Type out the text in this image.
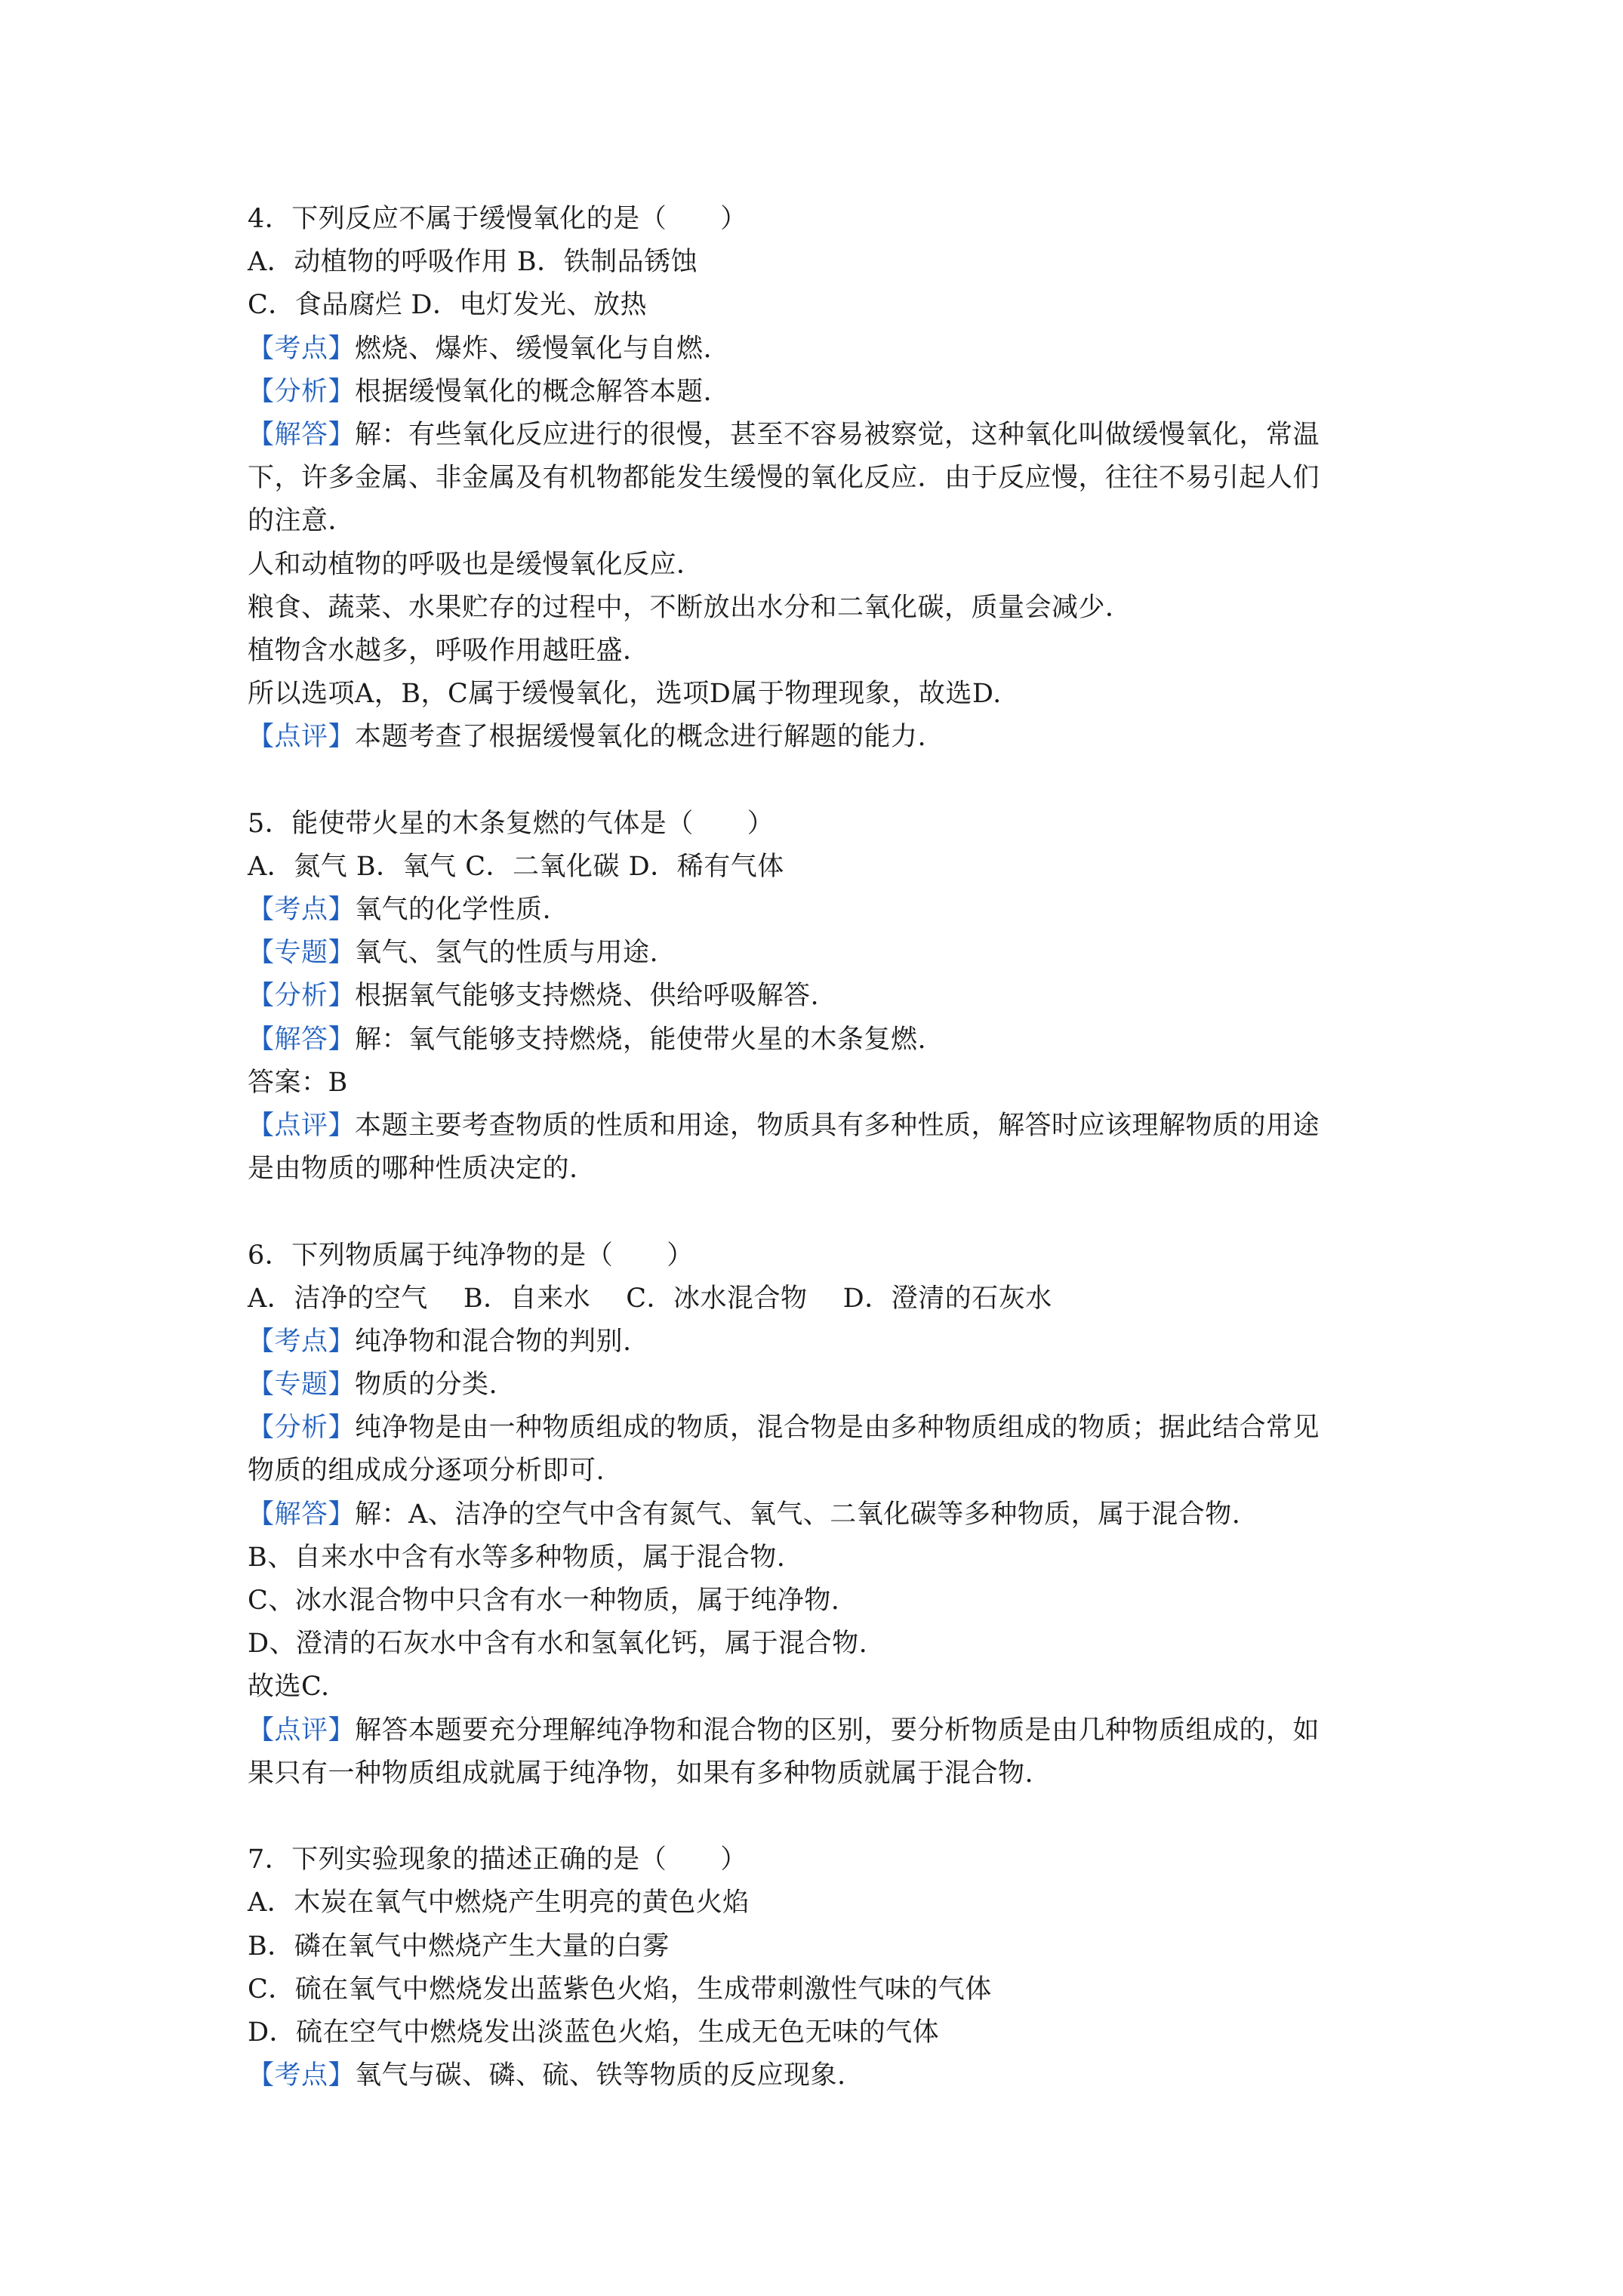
4．下列反应不属于缓慢氧化的是（　　）
A．动植物的呼吸作用 B．铁制品锈蚀
C．食品腐烂 D．电灯发光、放热
【考点】燃烧、爆炸、缓慢氧化与自燃.
【分析】根据缓慢氧化的概念解答本题.
【解答】解：有些氧化反应进行的很慢，甚至不容易被察觉，这种氧化叫做缓慢氧化，常温
下，许多金属、非金属及有机物都能发生缓慢的氧化反应．由于反应慢，往往不易引起人们
的注意．
人和动植物的呼吸也是缓慢氧化反应．
粮食、蔬菜、水果贮存的过程中，不断放出水分和二氧化碳，质量会减少．
植物含水越多，呼吸作用越旺盛．
所以选项A，B，C属于缓慢氧化，选项D属于物理现象，故选D.
【点评】本题考查了根据缓慢氧化的概念进行解题的能力.
5．能使带火星的木条复燃的气体是（　　）
A．氮气 B．氧气 C．二氧化碳 D．稀有气体
【考点】氧气的化学性质.
【专题】氧气、氢气的性质与用途.
【分析】根据氧气能够支持燃烧、供给呼吸解答.
【解答】解：氧气能够支持燃烧，能使带火星的木条复燃.
答案：B
【点评】本题主要考查物质的性质和用途，物质具有多种性质，解答时应该理解物质的用途
是由物质的哪种性质决定的.
6．下列物质属于纯净物的是（　　）
A．洁净的空气　 B．自来水　 C．冰水混合物　 D．澄清的石灰水
【考点】纯净物和混合物的判别.
【专题】物质的分类.
【分析】纯净物是由一种物质组成的物质，混合物是由多种物质组成的物质；据此结合常见
物质的组成成分逐项分析即可.
【解答】解：A、洁净的空气中含有氮气、氧气、二氧化碳等多种物质，属于混合物.
B、自来水中含有水等多种物质，属于混合物.
C、冰水混合物中只含有水一种物质，属于纯净物.
D、澄清的石灰水中含有水和氢氧化钙，属于混合物.
故选C.
【点评】解答本题要充分理解纯净物和混合物的区别，要分析物质是由几种物质组成的，如
果只有一种物质组成就属于纯净物，如果有多种物质就属于混合物.
7．下列实验现象的描述正确的是（　　）
A．木炭在氧气中燃烧产生明亮的黄色火焰
B．磷在氧气中燃烧产生大量的白雾
C．硫在氧气中燃烧发出蓝紫色火焰，生成带刺激性气味的气体
D．硫在空气中燃烧发出淡蓝色火焰，生成无色无味的气体
【考点】氧气与碳、磷、硫、铁等物质的反应现象.
